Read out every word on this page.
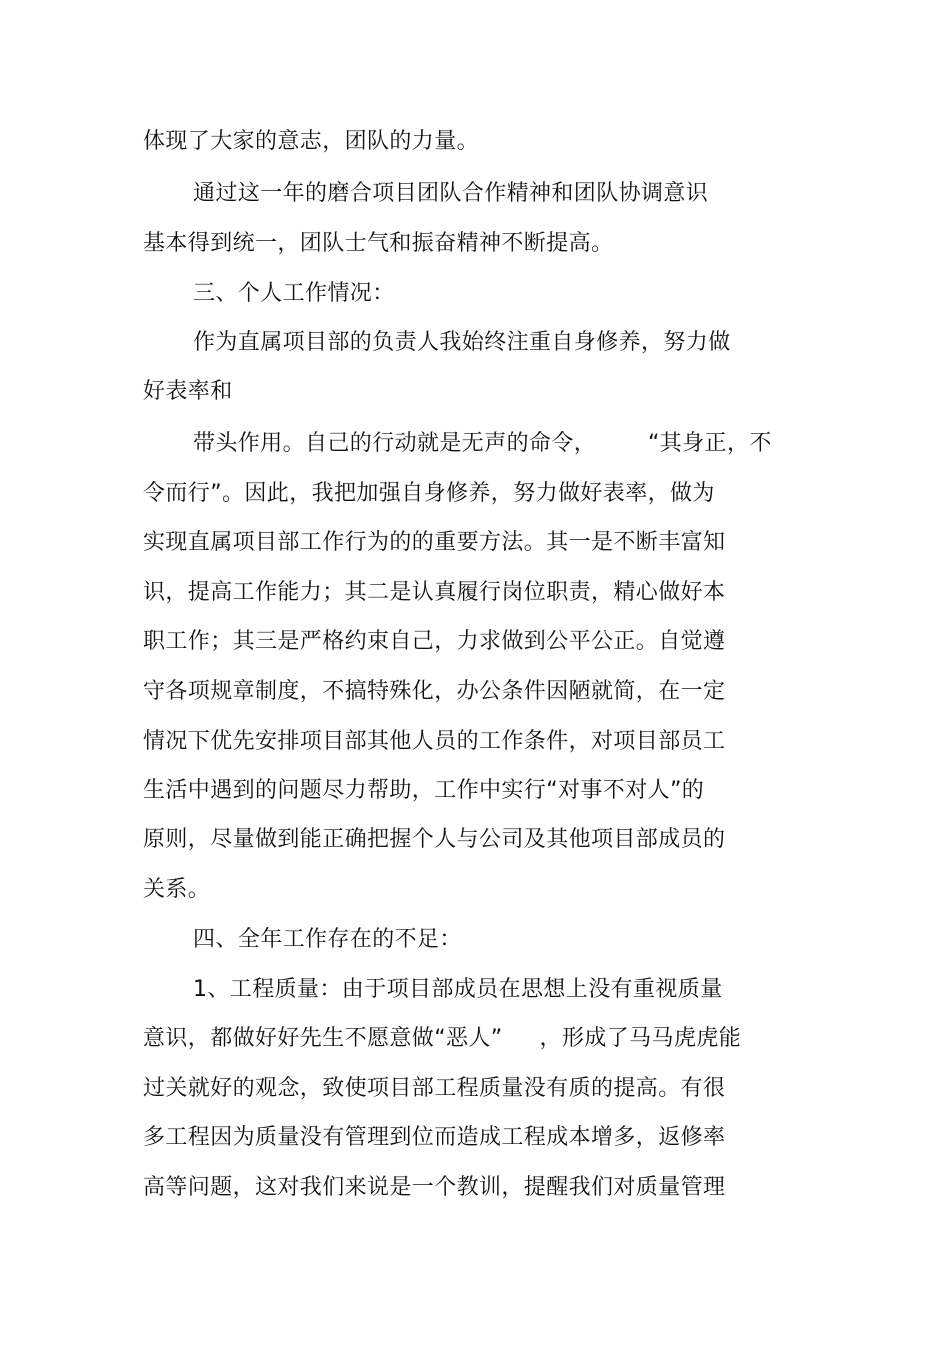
体现了大家的意志，团队的力量。
通过这一年的磨合项目团队合作精神和团队协调意识
基本得到统一，团队士气和振奋精神不断提高。
三、个人工作情况：
作为直属项目部的负责人我始终注重自身修养，努力做
好表率和
带头作用。自己的行动就是无声的命令，       “其身正，不
令而行”。因此，我把加强自身修养，努力做好表率，做为
实现直属项目部工作行为的的重要方法。其一是不断丰富知
识，提高工作能力；其二是认真履行岗位职责，精心做好本
职工作；其三是严格约束自己，力求做到公平公正。自觉遵
守各项规章制度，不搞特殊化，办公条件因陋就简，在一定
情况下优先安排项目部其他人员的工作条件，对项目部员工
生活中遇到的问题尽力帮助，工作中实行“对事不对人”的
原则，尽量做到能正确把握个人与公司及其他项目部成员的
关系。
四、全年工作存在的不足：
1、工程质量：由于项目部成员在思想上没有重视质量
意识，都做好好先生不愿意做“恶人”     ，形成了马马虎虎能
过关就好的观念，致使项目部工程质量没有质的提高。有很
多工程因为质量没有管理到位而造成工程成本增多，返修率
高等问题，这对我们来说是一个教训，提醒我们对质量管理
